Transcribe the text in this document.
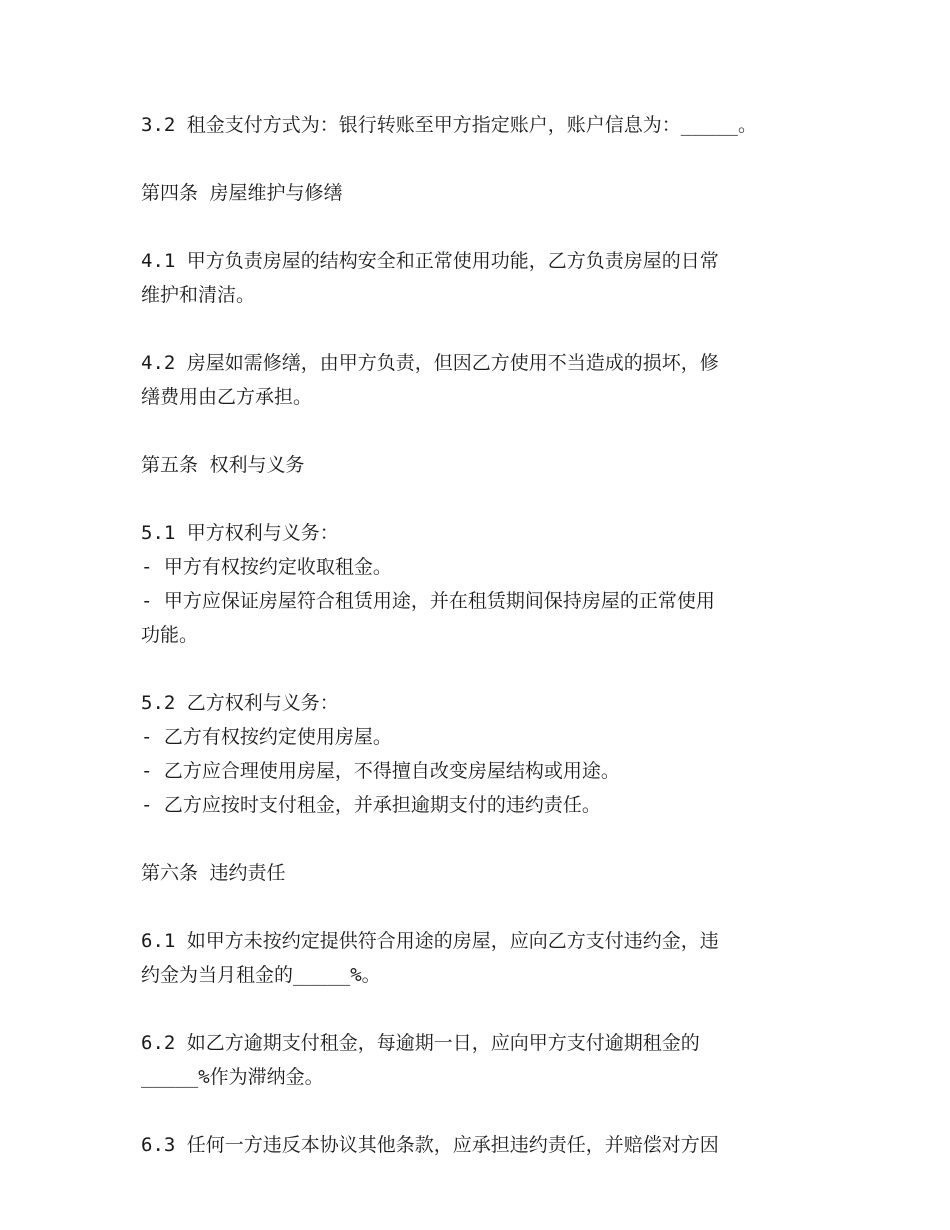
3.2 租金支付方式为：银行转账至甲方指定账户，账户信息为：_____。
第四条 房屋维护与修缮
4.1 甲方负责房屋的结构安全和正常使用功能，乙方负责房屋的日常
维护和清洁。
4.2 房屋如需修缮，由甲方负责，但因乙方使用不当造成的损坏，修
缮费用由乙方承担。
第五条 权利与义务
5.1 甲方权利与义务：
- 甲方有权按约定收取租金。
- 甲方应保证房屋符合租赁用途，并在租赁期间保持房屋的正常使用
功能。
5.2 乙方权利与义务：
- 乙方有权按约定使用房屋。
- 乙方应合理使用房屋，不得擅自改变房屋结构或用途。
- 乙方应按时支付租金，并承担逾期支付的违约责任。
第六条 违约责任
6.1 如甲方未按约定提供符合用途的房屋，应向乙方支付违约金，违
约金为当月租金的_____%。
6.2 如乙方逾期支付租金，每逾期一日，应向甲方支付逾期租金的
_____%作为滞纳金。
6.3 任何一方违反本协议其他条款，应承担违约责任，并赔偿对方因
